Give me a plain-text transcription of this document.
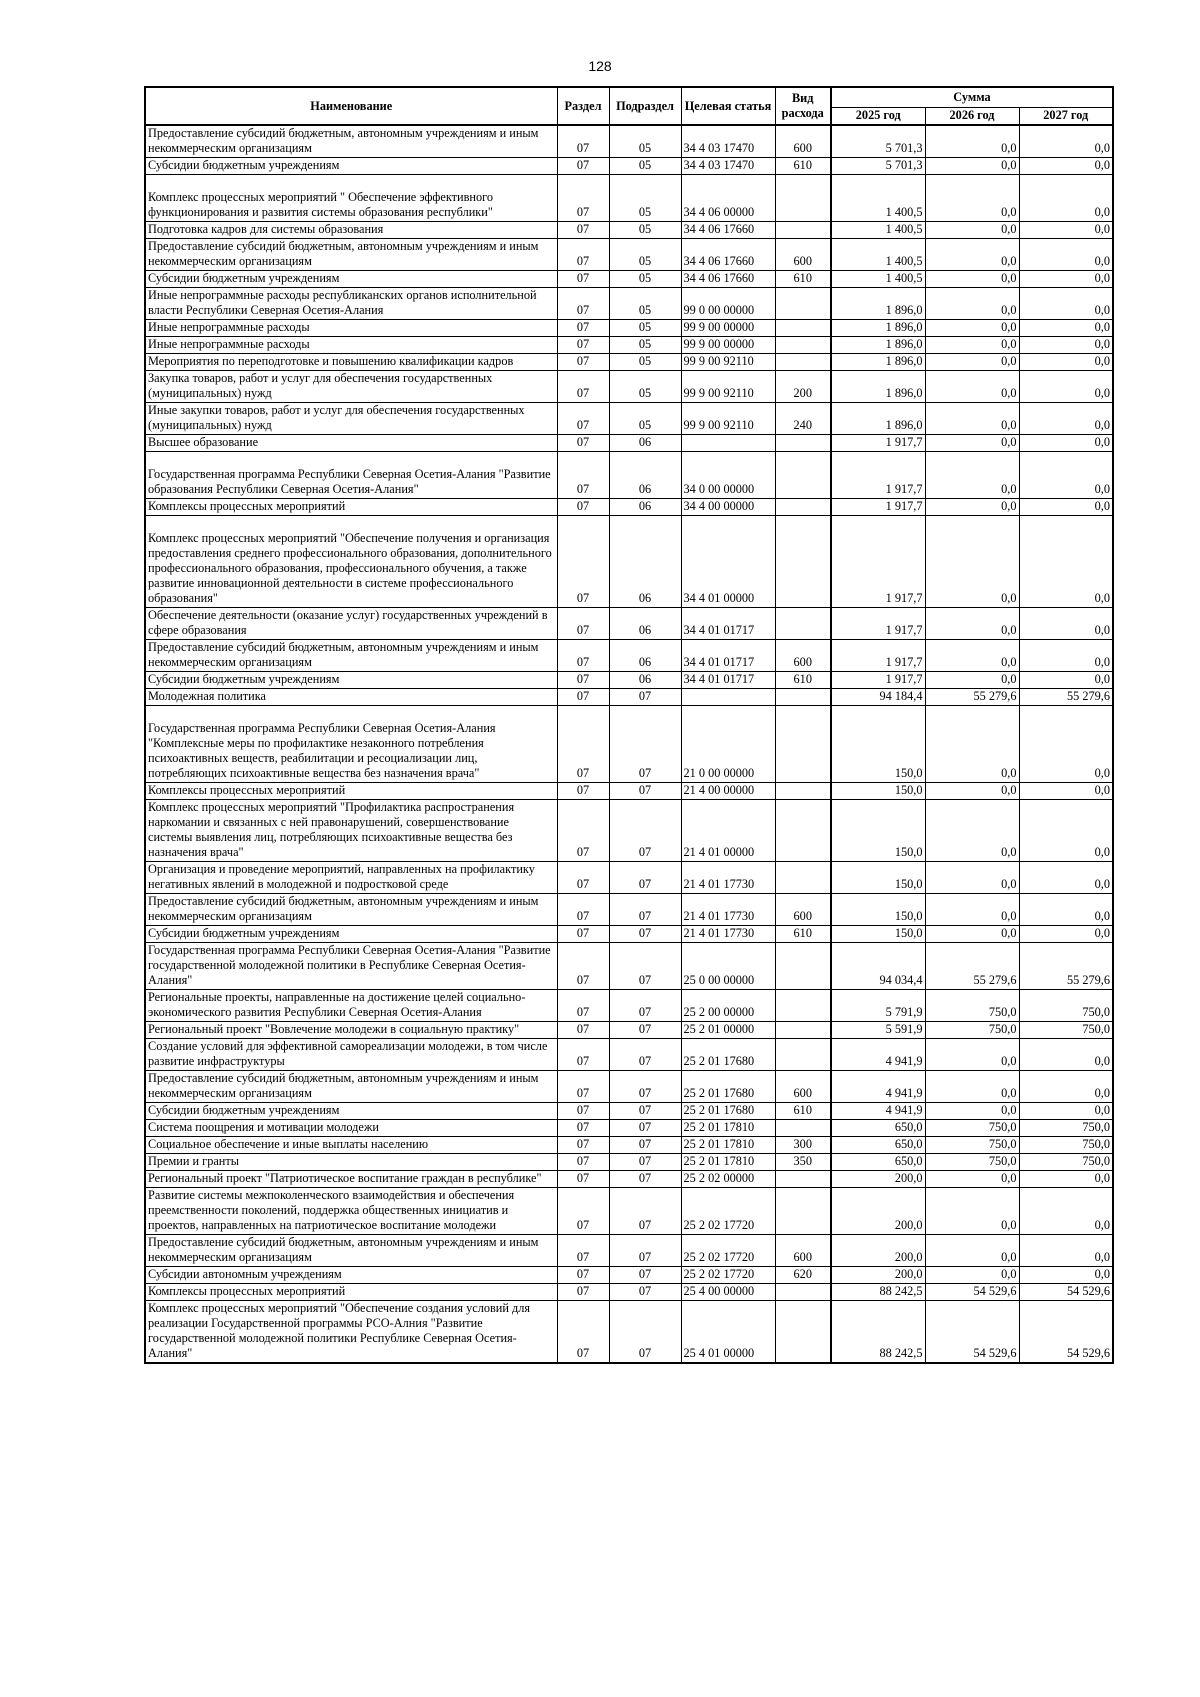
128
Наименование	Раздел	Подраздел	Целевая статья	Вид расхода	Сумма		
					2025 год	2026 год	2027 год
Предоставление субсидий бюджетным, автономным учреждениям и иным некоммерческим организациям	07	05	34 4 03 17470	600	5 701,3	0,0	0,0
Субсидии бюджетным учреждениям	07	05	34 4 03 17470	610	5 701,3	0,0	0,0
Комплекс процессных мероприятий " Обеспечение эффективного функционирования и развития системы образования республики"	07	05	34 4 06 00000		1 400,5	0,0	0,0
Подготовка кадров для системы образования	07	05	34 4 06 17660		1 400,5	0,0	0,0
Предоставление субсидий бюджетным, автономным учреждениям и иным некоммерческим организациям	07	05	34 4 06 17660	600	1 400,5	0,0	0,0
Субсидии бюджетным учреждениям	07	05	34 4 06 17660	610	1 400,5	0,0	0,0
Иные непрограммные расходы республиканских органов исполнительной власти Республики Северная Осетия-Алания	07	05	99 0 00 00000		1 896,0	0,0	0,0
Иные непрограммные расходы	07	05	99 9 00 00000		1 896,0	0,0	0,0
Иные непрограммные расходы	07	05	99 9 00 00000		1 896,0	0,0	0,0
Мероприятия по переподготовке и повышению квалификации кадров	07	05	99 9 00 92110		1 896,0	0,0	0,0
Закупка товаров, работ и услуг для обеспечения государственных (муниципальных) нужд	07	05	99 9 00 92110	200	1 896,0	0,0	0,0
Иные закупки товаров, работ и услуг для обеспечения государственных (муниципальных) нужд	07	05	99 9 00 92110	240	1 896,0	0,0	0,0
Высшее образование	07	06			1 917,7	0,0	0,0
Государственная программа Республики Северная Осетия-Алания "Развитие образования Республики Северная Осетия-Алания"	07	06	34 0 00 00000		1 917,7	0,0	0,0
Комплексы процессных мероприятий	07	06	34 4 00 00000		1 917,7	0,0	0,0
Комплекс процессных мероприятий "Обеспечение получения и организация предоставления среднего профессионального образования, дополнительного профессионального образования, профессионального обучения, а также развитие инновационной деятельности в системе профессионального образования"	07	06	34 4 01 00000		1 917,7	0,0	0,0
Обеспечение деятельности (оказание услуг) государственных учреждений в сфере образования	07	06	34 4 01 01717		1 917,7	0,0	0,0
Предоставление субсидий бюджетным, автономным учреждениям и иным некоммерческим организациям	07	06	34 4 01 01717	600	1 917,7	0,0	0,0
Субсидии бюджетным учреждениям	07	06	34 4 01 01717	610	1 917,7	0,0	0,0
Молодежная политика	07	07			94 184,4	55 279,6	55 279,6
Государственная программа Республики Северная Осетия-Алания "Комплексные меры по профилактике незаконного потребления психоактивных веществ, реабилитации и ресоциализации лиц, потребляющих психоактивные вещества без назначения врача"	07	07	21 0 00 00000		150,0	0,0	0,0
Комплексы процессных мероприятий	07	07	21 4 00 00000		150,0	0,0	0,0
Комплекс процессных мероприятий "Профилактика распространения наркомании и связанных с ней правонарушений, совершенствование системы выявления лиц, потребляющих психоактивные вещества без назначения врача"	07	07	21 4 01 00000		150,0	0,0	0,0
Организация и проведение мероприятий, направленных на профилактику негативных явлений в молодежной и подростковой среде	07	07	21 4 01 17730		150,0	0,0	0,0
Предоставление субсидий бюджетным, автономным учреждениям и иным некоммерческим организациям	07	07	21 4 01 17730	600	150,0	0,0	0,0
Субсидии бюджетным учреждениям	07	07	21 4 01 17730	610	150,0	0,0	0,0
Государственная программа Республики Северная Осетия-Алания "Развитие государственной молодежной политики в Республике Северная Осетия-Алания"	07	07	25 0 00 00000		94 034,4	55 279,6	55 279,6
Региональные проекты, направленные на достижение целей социально-экономического развития Республики Северная Осетия-Алания	07	07	25 2 00 00000		5 791,9	750,0	750,0
Региональный проект "Вовлечение молодежи в социальную практику"	07	07	25 2 01 00000		5 591,9	750,0	750,0
Создание условий для эффективной самореализации молодежи, в том числе развитие инфраструктуры	07	07	25 2 01 17680		4 941,9	0,0	0,0
Предоставление субсидий бюджетным, автономным учреждениям и иным некоммерческим организациям	07	07	25 2 01 17680	600	4 941,9	0,0	0,0
Субсидии бюджетным учреждениям	07	07	25 2 01 17680	610	4 941,9	0,0	0,0
Система поощрения и мотивации молодежи	07	07	25 2 01 17810		650,0	750,0	750,0
Социальное обеспечение и иные выплаты населению	07	07	25 2 01 17810	300	650,0	750,0	750,0
Премии и гранты	07	07	25 2 01 17810	350	650,0	750,0	750,0
Региональный проект "Патриотическое воспитание граждан в республике"	07	07	25 2 02 00000		200,0	0,0	0,0
Развитие системы межпоколенческого взаимодействия и обеспечения преемственности поколений, поддержка общественных инициатив и проектов, направленных на патриотическое воспитание молодежи	07	07	25 2 02 17720		200,0	0,0	0,0
Предоставление субсидий бюджетным, автономным учреждениям и иным некоммерческим организациям	07	07	25 2 02 17720	600	200,0	0,0	0,0
Субсидии автономным учреждениям	07	07	25 2 02 17720	620	200,0	0,0	0,0
Комплексы процессных мероприятий	07	07	25 4 00 00000		88 242,5	54 529,6	54 529,6
Комплекс процессных мероприятий "Обеспечение создания условий для реализации Государственной программы РСО-Алния "Развитие государственной молодежной политики Республике Северная Осетия-Алания"	07	07	25 4 01 00000		88 242,5	54 529,6	54 529,6
